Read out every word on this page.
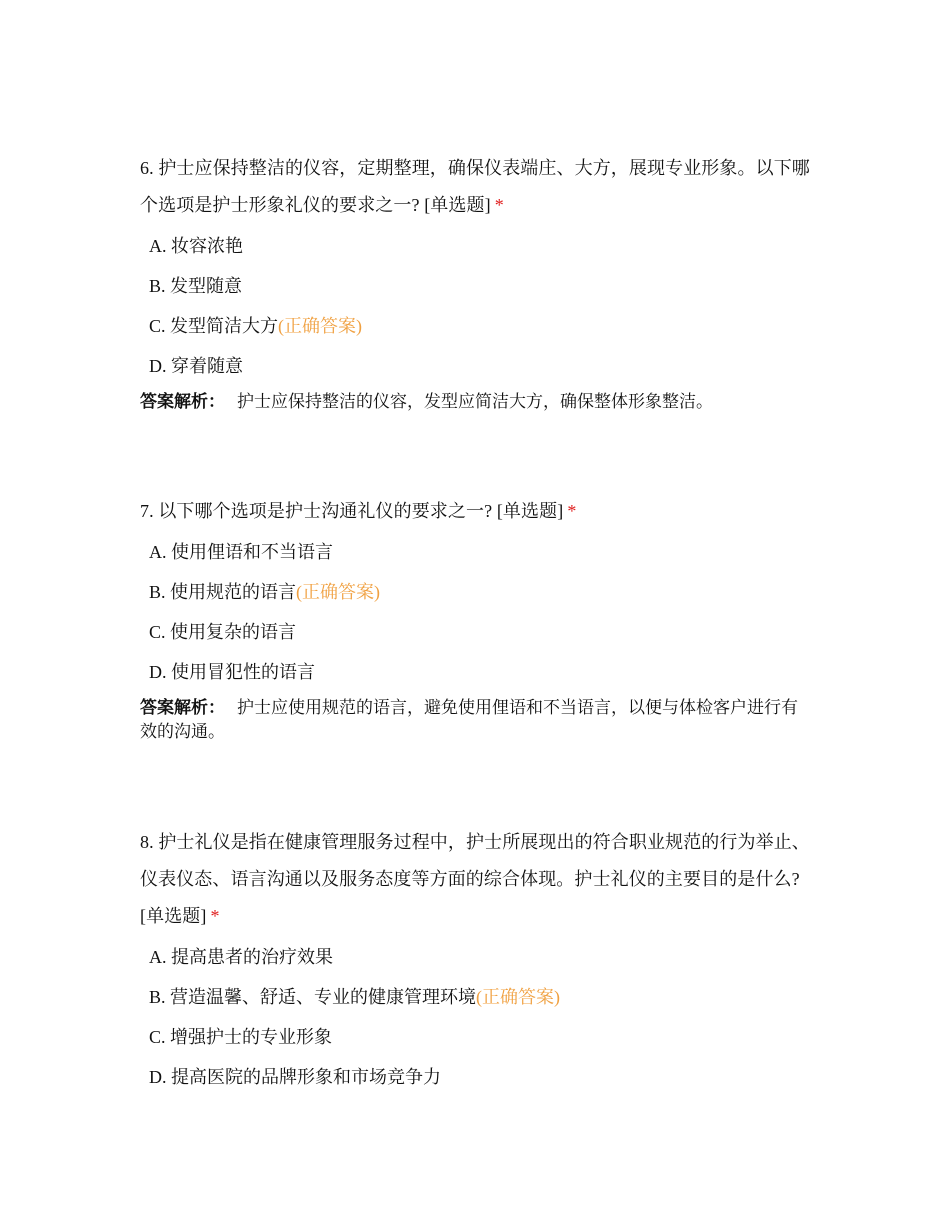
6. 护士应保持整洁的仪容，定期整理，确保仪表端庄、大方，展现专业形象。以下哪个选项是护士形象礼仪的要求之一? [单选题] *

A. 妆容浓艳
B. 发型随意
C. 发型简洁大方(正确答案)
D. 穿着随意

答案解析： 护士应保持整洁的仪容，发型应简洁大方，确保整体形象整洁。

7. 以下哪个选项是护士沟通礼仪的要求之一? [单选题] *

A. 使用俚语和不当语言
B. 使用规范的语言(正确答案)
C. 使用复杂的语言
D. 使用冒犯性的语言

答案解析： 护士应使用规范的语言，避免使用俚语和不当语言，以便与体检客户进行有效的沟通。

8. 护士礼仪是指在健康管理服务过程中，护士所展现出的符合职业规范的行为举止、仪表仪态、语言沟通以及服务态度等方面的综合体现。护士礼仪的主要目的是什么? [单选题] *

A. 提高患者的治疗效果
B. 营造温馨、舒适、专业的健康管理环境(正确答案)
C. 增强护士的专业形象
D. 提高医院的品牌形象和市场竞争力
